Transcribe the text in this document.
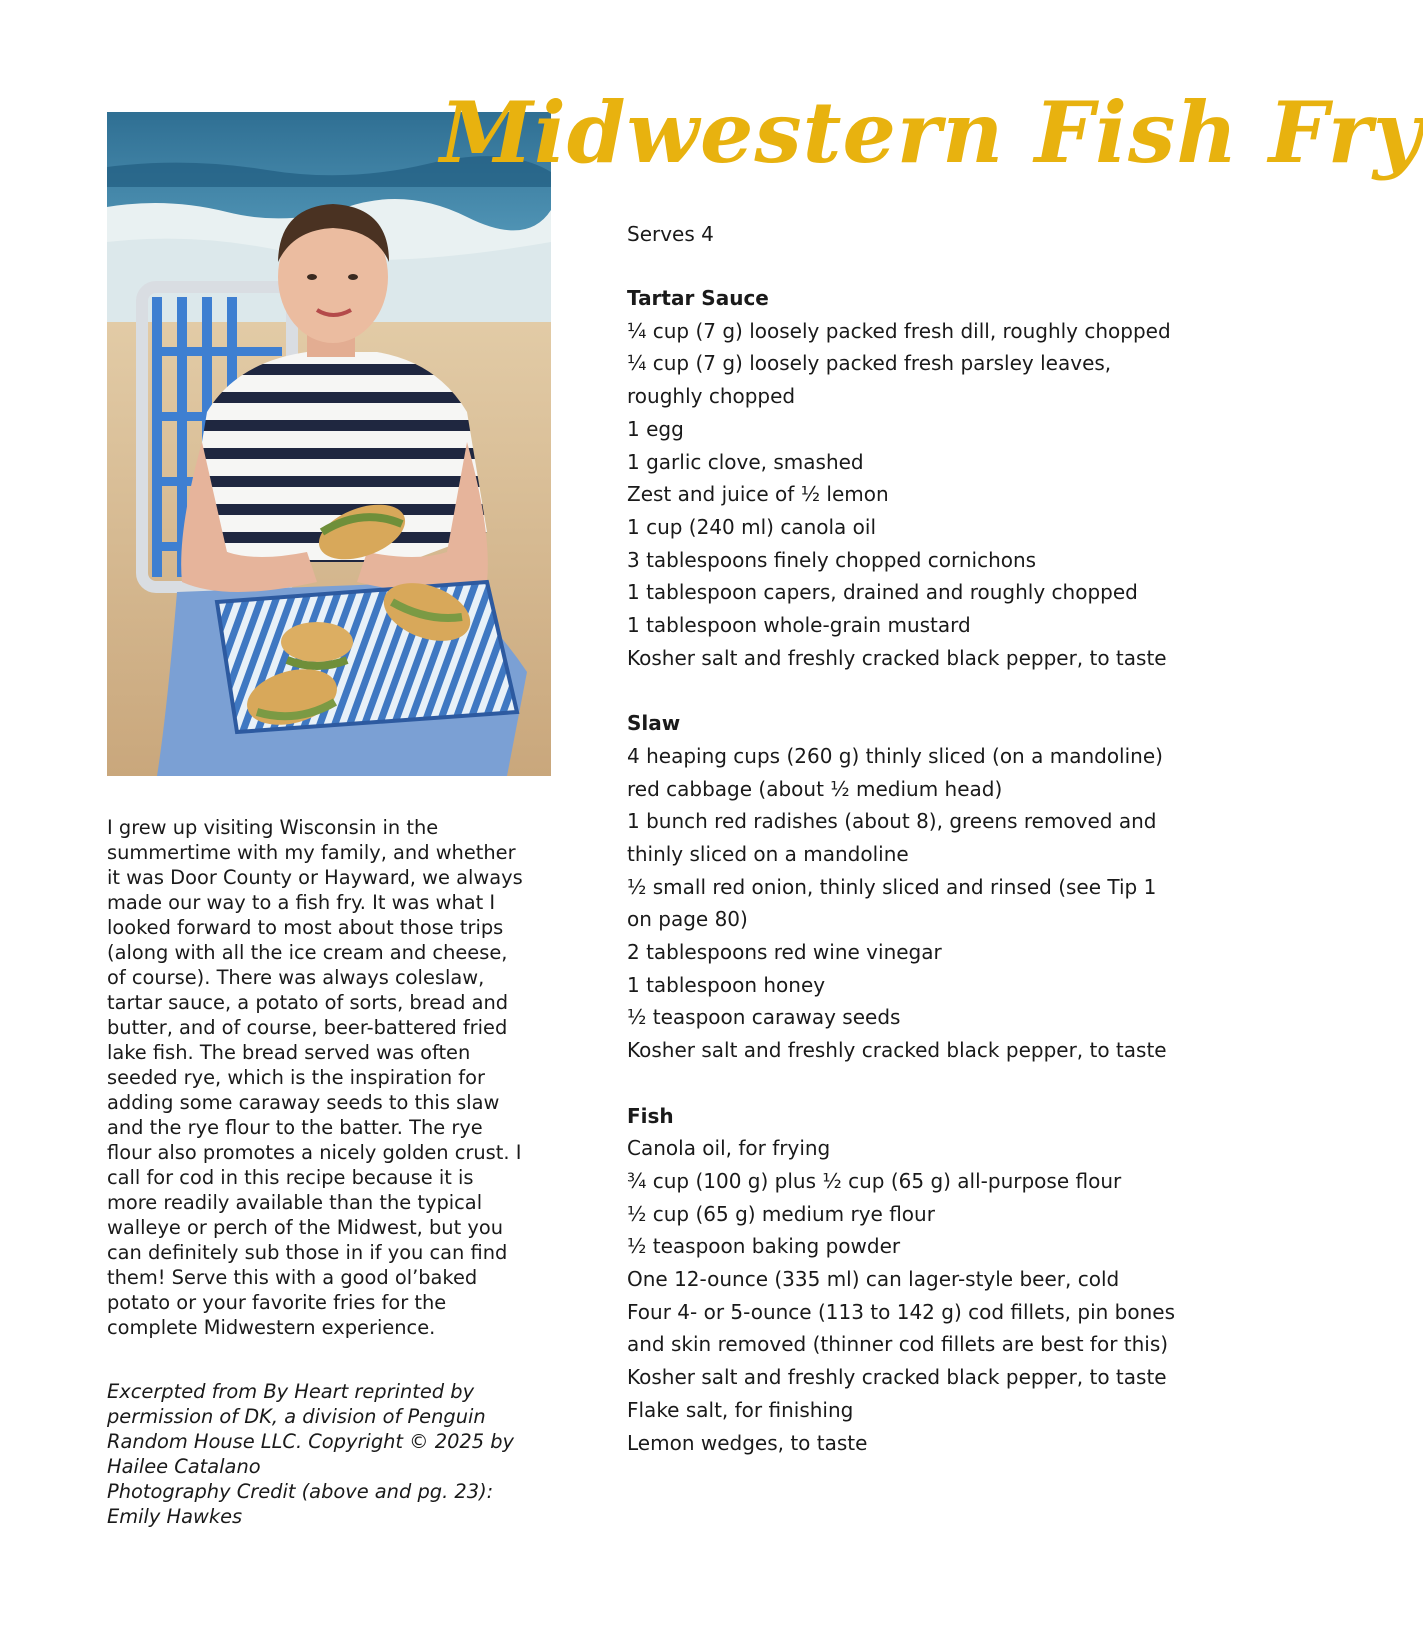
Midwestern Fish Fry

Serves 4

Tartar Sauce
¼ cup (7 g) loosely packed fresh dill, roughly chopped
¼ cup (7 g) loosely packed fresh parsley leaves,
roughly chopped
1 egg
1 garlic clove, smashed
Zest and juice of ½ lemon
1 cup (240 ml) canola oil
3 tablespoons finely chopped cornichons
1 tablespoon capers, drained and roughly chopped
1 tablespoon whole-grain mustard
Kosher salt and freshly cracked black pepper, to taste
Slaw
4 heaping cups (260 g) thinly sliced (on a mandoline)
red cabbage (about ½ medium head)
1 bunch red radishes (about 8), greens removed and
thinly sliced on a mandoline
½ small red onion, thinly sliced and rinsed (see Tip 1
on page 80)
2 tablespoons red wine vinegar
1 tablespoon honey
½ teaspoon caraway seeds
Kosher salt and freshly cracked black pepper, to taste
Fish
Canola oil, for frying
¾ cup (100 g) plus ½ cup (65 g) all-purpose flour
½ cup (65 g) medium rye flour
½ teaspoon baking powder
One 12-ounce (335 ml) can lager-style beer, cold
Four 4- or 5-ounce (113 to 142 g) cod fillets, pin bones
and skin removed (thinner cod fillets are best for this)
Kosher salt and freshly cracked black pepper, to taste
Flake salt, for finishing
Lemon wedges, to taste

I grew up visiting Wisconsin in the
summertime with my family, and whether
it was Door County or Hayward, we always
made our way to a fish fry. It was what I
looked forward to most about those trips
(along with all the ice cream and cheese,
of course). There was always coleslaw,
tartar sauce, a potato of sorts, bread and
butter, and of course, beer-battered fried
lake fish. The bread served was often
seeded rye, which is the inspiration for
adding some caraway seeds to this slaw
and the rye flour to the batter. The rye
flour also promotes a nicely golden crust. I
call for cod in this recipe because it is
more readily available than the typical
walleye or perch of the Midwest, but you
can definitely sub those in if you can find
them! Serve this with a good ol’baked
potato or your favorite fries for the
complete Midwestern experience.

Excerpted from By Heart reprinted by
permission of DK, a division of Penguin
Random House LLC. Copyright © 2025 by
Hailee Catalano
Photography Credit (above and pg. 23):
Emily Hawkes
